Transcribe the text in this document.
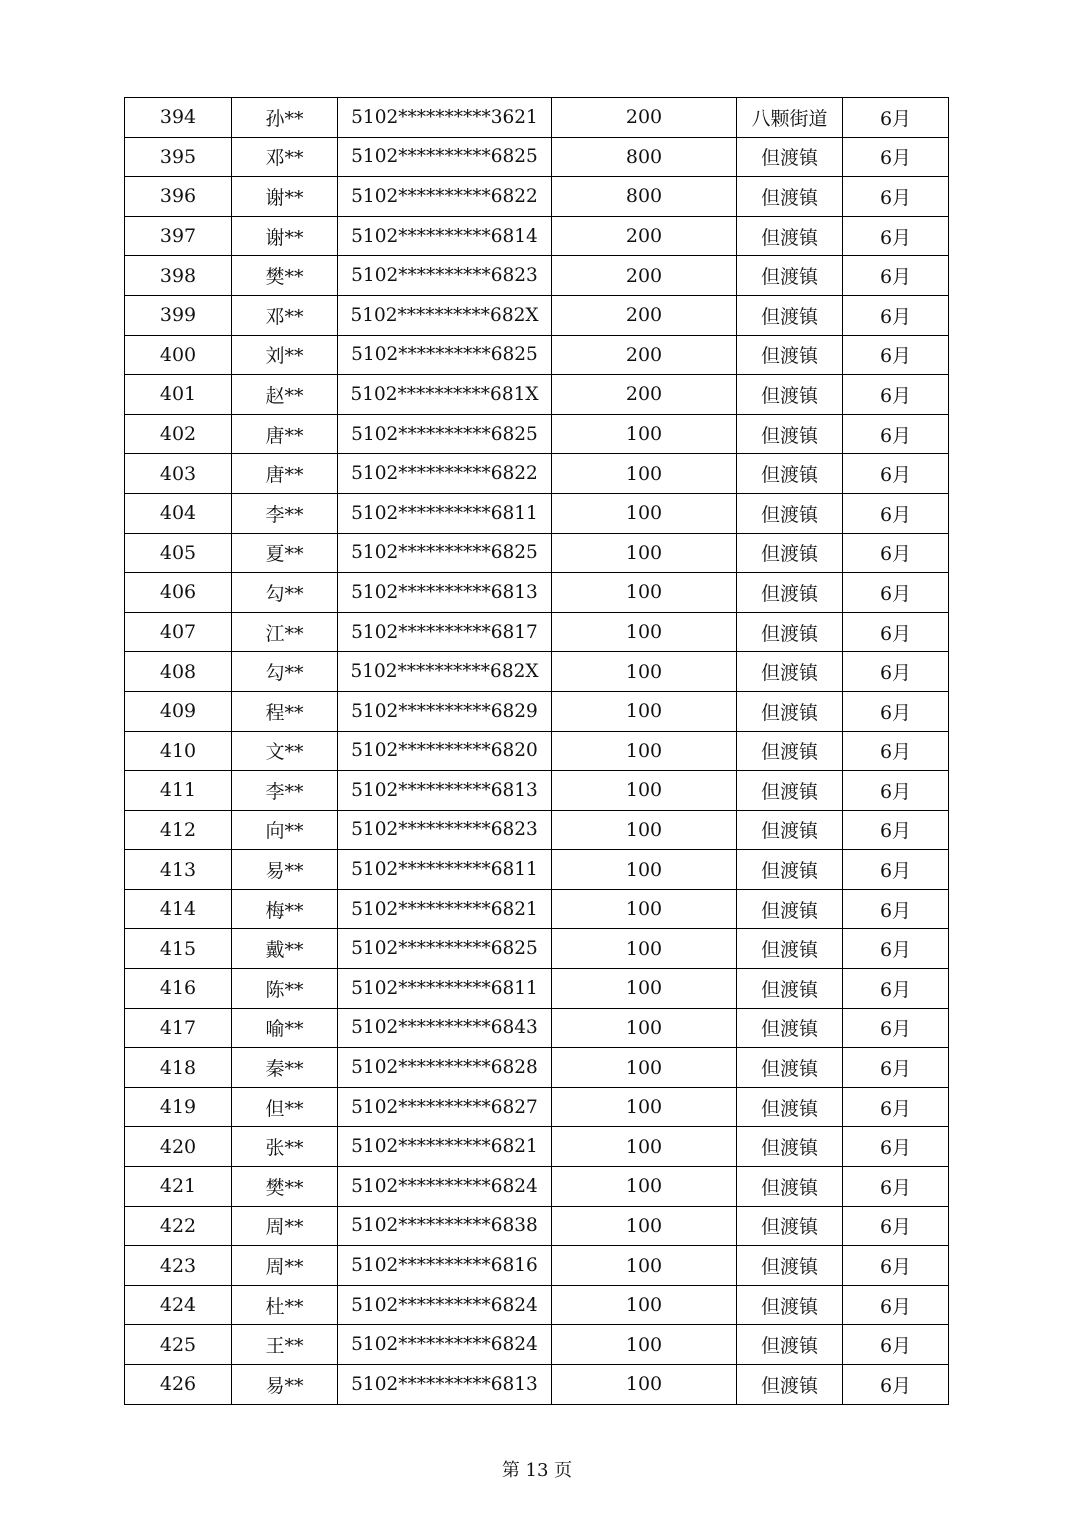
394	孙**	5102**********3621	200	八颗街道	6月
395	邓**	5102**********6825	800	但渡镇	6月
396	谢**	5102**********6822	800	但渡镇	6月
397	谢**	5102**********6814	200	但渡镇	6月
398	樊**	5102**********6823	200	但渡镇	6月
399	邓**	5102**********682X	200	但渡镇	6月
400	刘**	5102**********6825	200	但渡镇	6月
401	赵**	5102**********681X	200	但渡镇	6月
402	唐**	5102**********6825	100	但渡镇	6月
403	唐**	5102**********6822	100	但渡镇	6月
404	李**	5102**********6811	100	但渡镇	6月
405	夏**	5102**********6825	100	但渡镇	6月
406	勾**	5102**********6813	100	但渡镇	6月
407	江**	5102**********6817	100	但渡镇	6月
408	勾**	5102**********682X	100	但渡镇	6月
409	程**	5102**********6829	100	但渡镇	6月
410	文**	5102**********6820	100	但渡镇	6月
411	李**	5102**********6813	100	但渡镇	6月
412	向**	5102**********6823	100	但渡镇	6月
413	易**	5102**********6811	100	但渡镇	6月
414	梅**	5102**********6821	100	但渡镇	6月
415	戴**	5102**********6825	100	但渡镇	6月
416	陈**	5102**********6811	100	但渡镇	6月
417	喻**	5102**********6843	100	但渡镇	6月
418	秦**	5102**********6828	100	但渡镇	6月
419	但**	5102**********6827	100	但渡镇	6月
420	张**	5102**********6821	100	但渡镇	6月
421	樊**	5102**********6824	100	但渡镇	6月
422	周**	5102**********6838	100	但渡镇	6月
423	周**	5102**********6816	100	但渡镇	6月
424	杜**	5102**********6824	100	但渡镇	6月
425	王**	5102**********6824	100	但渡镇	6月
426	易**	5102**********6813	100	但渡镇	6月
第 13 页
